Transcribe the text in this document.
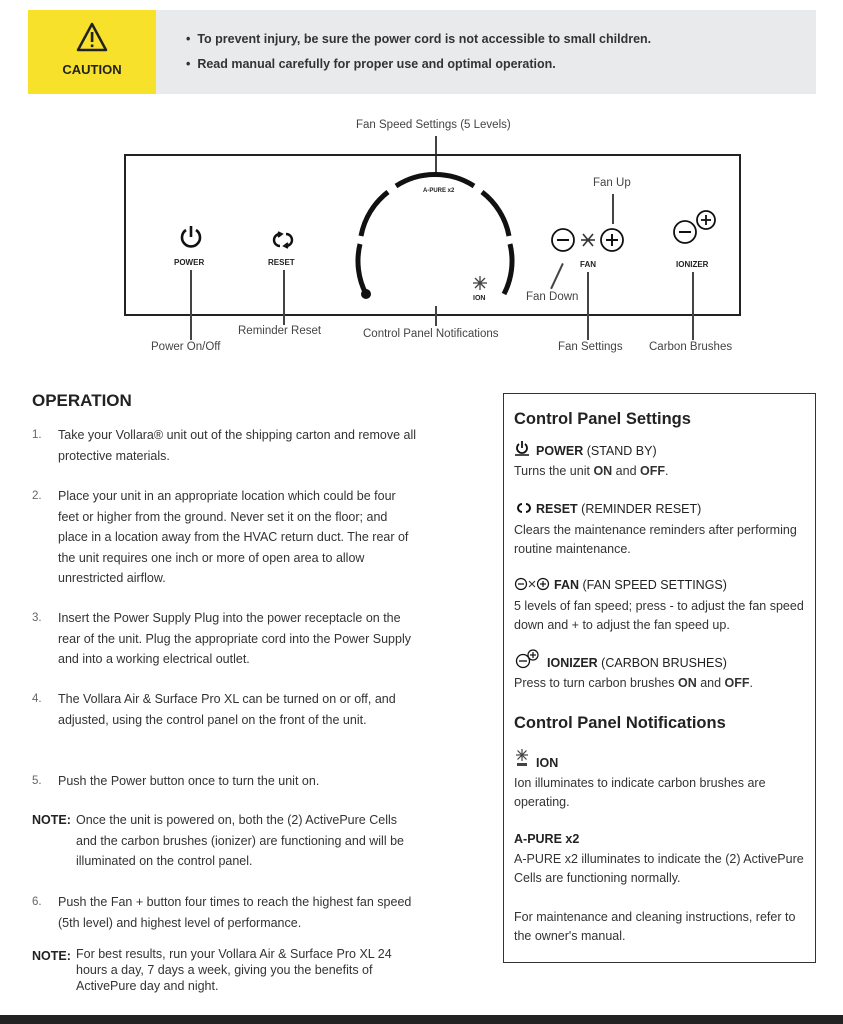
CAUTION
•  To prevent injury, be sure the power cord is not accessible to small children.
•  Read manual carefully for proper use and optimal operation.
Fan Speed Settings (5 Levels)
A-PURE x2
POWER	RESET
ION
Fan Up
FAN
Fan Down
IONIZER
Reminder Reset	Control Panel Notifications
Power On/Off	Fan Settings Carbon Brushes
OPERATION
1. Take your Vollara® unit out of the shipping carton and remove all protective materials.
2. Place your unit in an appropriate location which could be four feet or higher from the ground. Never set it on the floor; and place in a location away from the HVAC return duct. The rear of the unit requires one inch or more of open area to allow unrestricted airflow.
3. Insert the Power Supply Plug into the power receptacle on the rear of the unit. Plug the appropriate cord into the Power Supply and into a working electrical outlet.
4. The Vollara Air & Surface Pro XL can be turned on or off, and adjusted, using the control panel on the front of the unit.
5. Push the Power button once to turn the unit on.
NOTE: Once the unit is powered on, both the (2) ActivePure Cells and the carbon brushes (ionizer) are functioning and will be illuminated on the control panel.
6. Push the Fan + button four times to reach the highest fan speed (5th level) and highest level of performance.
NOTE: For best results, run your Vollara Air & Surface Pro XL 24 hours a day, 7 days a week, giving you the benefits of ActivePure day and night.
Control Panel Settings
POWER (STAND BY)
Turns the unit ON and OFF.
RESET (REMINDER RESET)
Clears the maintenance reminders after performing routine maintenance.
FAN (FAN SPEED SETTINGS)
5 levels of fan speed; press - to adjust the fan speed down and + to adjust the fan speed up.
IONIZER (CARBON BRUSHES)
Press to turn carbon brushes ON and OFF.
Control Panel Notifications
ION
Ion illuminates to indicate carbon brushes are operating.
A-PURE x2
A-PURE x2 illuminates to indicate the (2) ActivePure Cells are functioning normally.
For maintenance and cleaning instructions, refer to the owner's manual.
